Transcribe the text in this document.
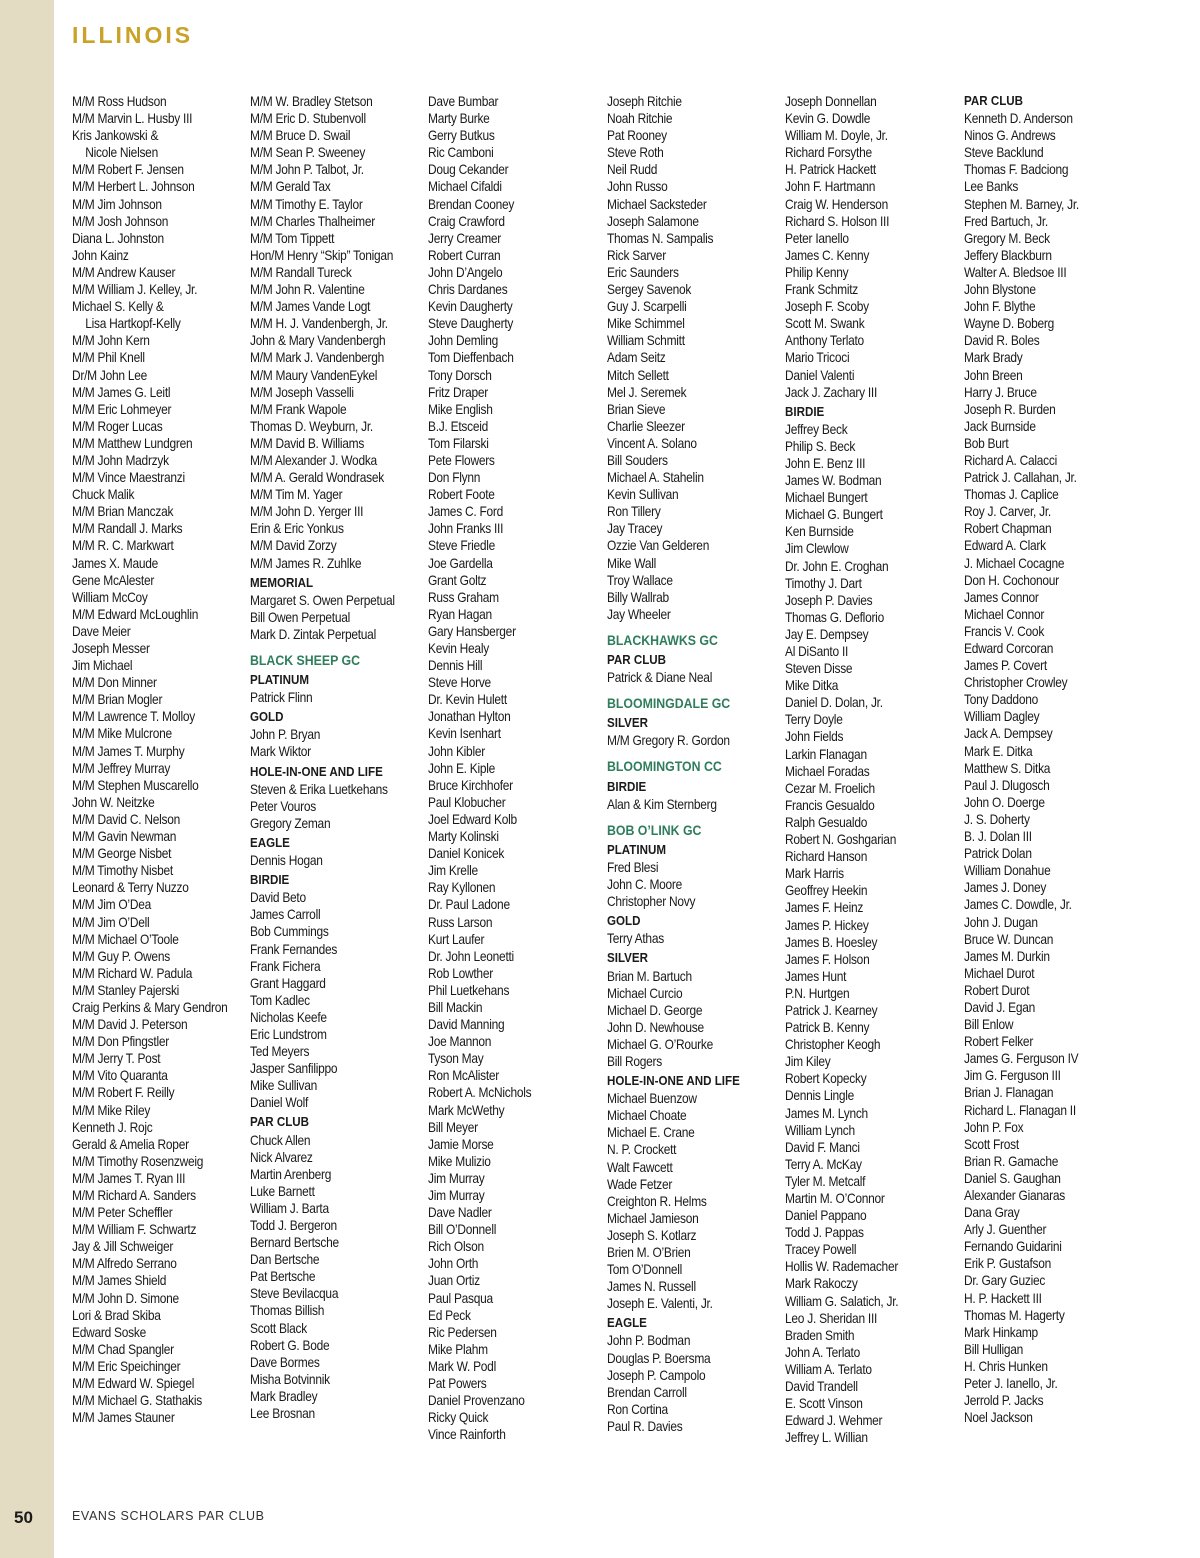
ILLINOIS
M/M Ross Hudson
M/M Marvin L. Husby III
Kris Jankowski &
Nicole Nielsen
M/M Robert F. Jensen
M/M Herbert L. Johnson
M/M Jim Johnson
M/M Josh Johnson
Diana L. Johnston
John Kainz
M/M Andrew Kauser
M/M William J. Kelley, Jr.
Michael S. Kelly &
Lisa Hartkopf-Kelly
M/M John Kern
M/M Phil Knell
Dr/M John Lee
M/M James G. Leitl
M/M Eric Lohmeyer
M/M Roger Lucas
M/M Matthew Lundgren
M/M John Madrzyk
M/M Vince Maestranzi
Chuck Malik
M/M Brian Manczak
M/M Randall J. Marks
M/M R. C. Markwart
James X. Maude
Gene McAlester
William McCoy
M/M Edward McLoughlin
Dave Meier
Joseph Messer
Jim Michael
M/M Don Minner
M/M Brian Mogler
M/M Lawrence T. Molloy
M/M Mike Mulcrone
M/M James T. Murphy
M/M Jeffrey Murray
M/M Stephen Muscarello
John W. Neitzke
M/M David C. Nelson
M/M Gavin Newman
M/M George Nisbet
M/M Timothy Nisbet
Leonard & Terry Nuzzo
M/M Jim O’Dea
M/M Jim O’Dell
M/M Michael O’Toole
M/M Guy P. Owens
M/M Richard W. Padula
M/M Stanley Pajerski
Craig Perkins & Mary Gendron
M/M David J. Peterson
M/M Don Pfingstler
M/M Jerry T. Post
M/M Vito Quaranta
M/M Robert F. Reilly
M/M Mike Riley
Kenneth J. Rojc
Gerald & Amelia Roper
M/M Timothy Rosenzweig
M/M James T. Ryan III
M/M Richard A. Sanders
M/M Peter Scheffler
M/M William F. Schwartz
Jay & Jill Schweiger
M/M Alfredo Serrano
M/M James Shield
M/M John D. Simone
Lori & Brad Skiba
Edward Soske
M/M Chad Spangler
M/M Eric Speichinger
M/M Edward W. Spiegel
M/M Michael G. Stathakis
M/M James Stauner
M/M W. Bradley Stetson
M/M Eric D. Stubenvoll
M/M Bruce D. Swail
M/M Sean P. Sweeney
M/M John P. Talbot, Jr.
M/M Gerald Tax
M/M Timothy E. Taylor
M/M Charles Thalheimer
M/M Tom Tippett
Hon/M Henry “Skip” Tonigan
M/M Randall Tureck
M/M John R. Valentine
M/M James Vande Logt
M/M H. J. Vandenbergh, Jr.
John & Mary Vandenbergh
M/M Mark J. Vandenbergh
M/M Maury VandenEykel
M/M Joseph Vasselli
M/M Frank Wapole
Thomas D. Weyburn, Jr.
M/M David B. Williams
M/M Alexander J. Wodka
M/M A. Gerald Wondrasek
M/M Tim M. Yager
M/M John D. Yerger III
Erin & Eric Yonkus
M/M David Zorzy
M/M James R. Zuhlke
MEMORIAL
Margaret S. Owen Perpetual
Bill Owen Perpetual
Mark D. Zintak Perpetual
BLACK SHEEP GC
PLATINUM
Patrick Flinn
GOLD
John P. Bryan
Mark Wiktor
HOLE-IN-ONE AND LIFE
Steven & Erika Luetkehans
Peter Vouros
Gregory Zeman
EAGLE
Dennis Hogan
BIRDIE
David Beto
James Carroll
Bob Cummings
Frank Fernandes
Frank Fichera
Grant Haggard
Tom Kadlec
Nicholas Keefe
Eric Lundstrom
Ted Meyers
Jasper Sanfilippo
Mike Sullivan
Daniel Wolf
PAR CLUB
Chuck Allen
Nick Alvarez
Martin Arenberg
Luke Barnett
William J. Barta
Todd J. Bergeron
Bernard Bertsche
Dan Bertsche
Pat Bertsche
Steve Bevilacqua
Thomas Billish
Scott Black
Robert G. Bode
Dave Bormes
Misha Botvinnik
Mark Bradley
Lee Brosnan
Dave Bumbar
Marty Burke
Gerry Butkus
Ric Camboni
Doug Cekander
Michael Cifaldi
Brendan Cooney
Craig Crawford
Jerry Creamer
Robert Curran
John D’Angelo
Chris Dardanes
Kevin Daugherty
Steve Daugherty
John Demling
Tom Dieffenbach
Tony Dorsch
Fritz Draper
Mike English
B.J. Etsceid
Tom Filarski
Pete Flowers
Don Flynn
Robert Foote
James C. Ford
John Franks III
Steve Friedle
Joe Gardella
Grant Goltz
Russ Graham
Ryan Hagan
Gary Hansberger
Kevin Healy
Dennis Hill
Steve Horve
Dr. Kevin Hulett
Jonathan Hylton
Kevin Isenhart
John Kibler
John E. Kiple
Bruce Kirchhofer
Paul Klobucher
Joel Edward Kolb
Marty Kolinski
Daniel Konicek
Jim Krelle
Ray Kyllonen
Dr. Paul Ladone
Russ Larson
Kurt Laufer
Dr. John Leonetti
Rob Lowther
Phil Luetkehans
Bill Mackin
David Manning
Joe Mannon
Tyson May
Ron McAlister
Robert A. McNichols
Mark McWethy
Bill Meyer
Jamie Morse
Mike Mulizio
Jim Murray
Jim Murray
Dave Nadler
Bill O’Donnell
Rich Olson
John Orth
Juan Ortiz
Paul Pasqua
Ed Peck
Ric Pedersen
Mike Plahm
Mark W. Podl
Pat Powers
Daniel Provenzano
Ricky Quick
Vince Rainforth
Joseph Ritchie
Noah Ritchie
Pat Rooney
Steve Roth
Neil Rudd
John Russo
Michael Sacksteder
Joseph Salamone
Thomas N. Sampalis
Rick Sarver
Eric Saunders
Sergey Savenok
Guy J. Scarpelli
Mike Schimmel
William Schmitt
Adam Seitz
Mitch Sellett
Mel J. Seremek
Brian Sieve
Charlie Sleezer
Vincent A. Solano
Bill Souders
Michael A. Stahelin
Kevin Sullivan
Ron Tillery
Jay Tracey
Ozzie Van Gelderen
Mike Wall
Troy Wallace
Billy Wallrab
Jay Wheeler
BLACKHAWKS GC
PAR CLUB
Patrick & Diane Neal
BLOOMINGDALE GC
SILVER
M/M Gregory R. Gordon
BLOOMINGTON CC
BIRDIE
Alan & Kim Sternberg
BOB O’LINK GC
PLATINUM
Fred Blesi
John C. Moore
Christopher Novy
GOLD
Terry Athas
SILVER
Brian M. Bartuch
Michael Curcio
Michael D. George
John D. Newhouse
Michael G. O’Rourke
Bill Rogers
HOLE-IN-ONE AND LIFE
Michael Buenzow
Michael Choate
Michael E. Crane
N. P. Crockett
Walt Fawcett
Wade Fetzer
Creighton R. Helms
Michael Jamieson
Joseph S. Kotlarz
Brien M. O’Brien
Tom O’Donnell
James N. Russell
Joseph E. Valenti, Jr.
EAGLE
John P. Bodman
Douglas P. Boersma
Joseph P. Campolo
Brendan Carroll
Ron Cortina
Paul R. Davies
Joseph Donnellan
Kevin G. Dowdle
William M. Doyle, Jr.
Richard Forsythe
H. Patrick Hackett
John F. Hartmann
Craig W. Henderson
Richard S. Holson III
Peter Ianello
James C. Kenny
Philip Kenny
Frank Schmitz
Joseph F. Scoby
Scott M. Swank
Anthony Terlato
Mario Tricoci
Daniel Valenti
Jack J. Zachary III
BIRDIE
Jeffrey Beck
Philip S. Beck
John E. Benz III
James W. Bodman
Michael Bungert
Michael G. Bungert
Ken Burnside
Jim Clewlow
Dr. John E. Croghan
Timothy J. Dart
Joseph P. Davies
Thomas G. Deflorio
Jay E. Dempsey
Al DiSanto II
Steven Disse
Mike Ditka
Daniel D. Dolan, Jr.
Terry Doyle
John Fields
Larkin Flanagan
Michael Foradas
Cezar M. Froelich
Francis Gesualdo
Ralph Gesualdo
Robert N. Goshgarian
Richard Hanson
Mark Harris
Geoffrey Heekin
James F. Heinz
James P. Hickey
James B. Hoesley
James F. Holson
James Hunt
P.N. Hurtgen
Patrick J. Kearney
Patrick B. Kenny
Christopher Keogh
Jim Kiley
Robert Kopecky
Dennis Lingle
James M. Lynch
William Lynch
David F. Manci
Terry A. McKay
Tyler M. Metcalf
Martin M. O’Connor
Daniel Pappano
Todd J. Pappas
Tracey Powell
Hollis W. Rademacher
Mark Rakoczy
William G. Salatich, Jr.
Leo J. Sheridan III
Braden Smith
John A. Terlato
William A. Terlato
David Trandell
E. Scott Vinson
Edward J. Wehmer
Jeffrey L. Willian
PAR CLUB
Kenneth D. Anderson
Ninos G. Andrews
Steve Backlund
Thomas F. Badciong
Lee Banks
Stephen M. Barney, Jr.
Fred Bartuch, Jr.
Gregory M. Beck
Jeffery Blackburn
Walter A. Bledsoe III
John Blystone
John F. Blythe
Wayne D. Boberg
David R. Boles
Mark Brady
John Breen
Harry J. Bruce
Joseph R. Burden
Jack Burnside
Bob Burt
Richard A. Calacci
Patrick J. Callahan, Jr.
Thomas J. Caplice
Roy J. Carver, Jr.
Robert Chapman
Edward A. Clark
J. Michael Cocagne
Don H. Cochonour
James Connor
Michael Connor
Francis V. Cook
Edward Corcoran
James P. Covert
Christopher Crowley
Tony Daddono
William Dagley
Jack A. Dempsey
Mark E. Ditka
Matthew S. Ditka
Paul J. Dlugosch
John O. Doerge
J. S. Doherty
B. J. Dolan III
Patrick Dolan
William Donahue
James J. Doney
James C. Dowdle, Jr.
John J. Dugan
Bruce W. Duncan
James M. Durkin
Michael Durot
Robert Durot
David J. Egan
Bill Enlow
Robert Felker
James G. Ferguson IV
Jim G. Ferguson III
Brian J. Flanagan
Richard L. Flanagan II
John P. Fox
Scott Frost
Brian R. Gamache
Daniel S. Gaughan
Alexander Gianaras
Dana Gray
Arly J. Guenther
Fernando Guidarini
Erik P. Gustafson
Dr. Gary Guziec
H. P. Hackett III
Thomas M. Hagerty
Mark Hinkamp
Bill Hulligan
H. Chris Hunken
Peter J. Ianello, Jr.
Jerrold P. Jacks
Noel Jackson
50	EVANS SCHOLARS PAR CLUB
